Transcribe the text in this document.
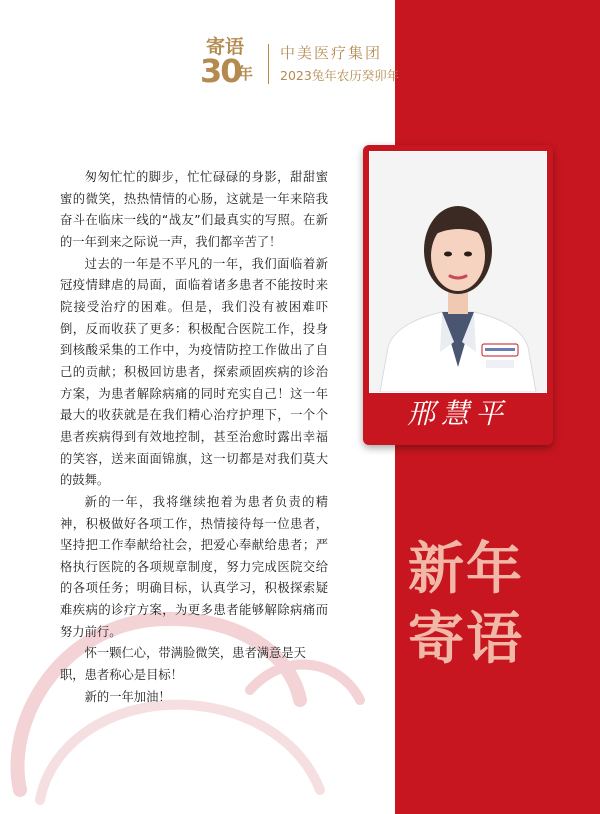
寄语
30
年
中美医疗集团
2023兔年农历癸卯年

匆匆忙忙的脚步，忙忙碌碌的身影，甜甜蜜蜜的微笑，热热情情的心肠，这就是一年来陪我奋斗在临床一线的“战友”们最真实的写照。在新的一年到来之际说一声，我们都辛苦了！

过去的一年是不平凡的一年，我们面临着新冠疫情肆虐的局面，面临着诸多患者不能按时来院接受治疗的困难。但是，我们没有被困难吓倒，反而收获了更多：积极配合医院工作，投身到核酸采集的工作中，为疫情防控工作做出了自己的贡献；积极回访患者，探索顽固疾病的诊治方案，为患者解除病痛的同时充实自己！这一年最大的收获就是在我们精心治疗护理下，一个个患者疾病得到有效地控制，甚至治愈时露出幸福的笑容，送来面面锦旗，这一切都是对我们莫大的鼓舞。

新的一年，我将继续抱着为患者负责的精神，积极做好各项工作，热情接待每一位患者，坚持把工作奉献给社会，把爱心奉献给患者；严格执行医院的各项规章制度，努力完成医院交给的各项任务；明确目标，认真学习，积极探索疑难疾病的诊疗方案，为更多患者能够解除病痛而努力前行。

怀一颗仁心，带满脸微笑，患者满意是天职，患者称心是目标！

新的一年加油！

邢慧平
新年
寄语
